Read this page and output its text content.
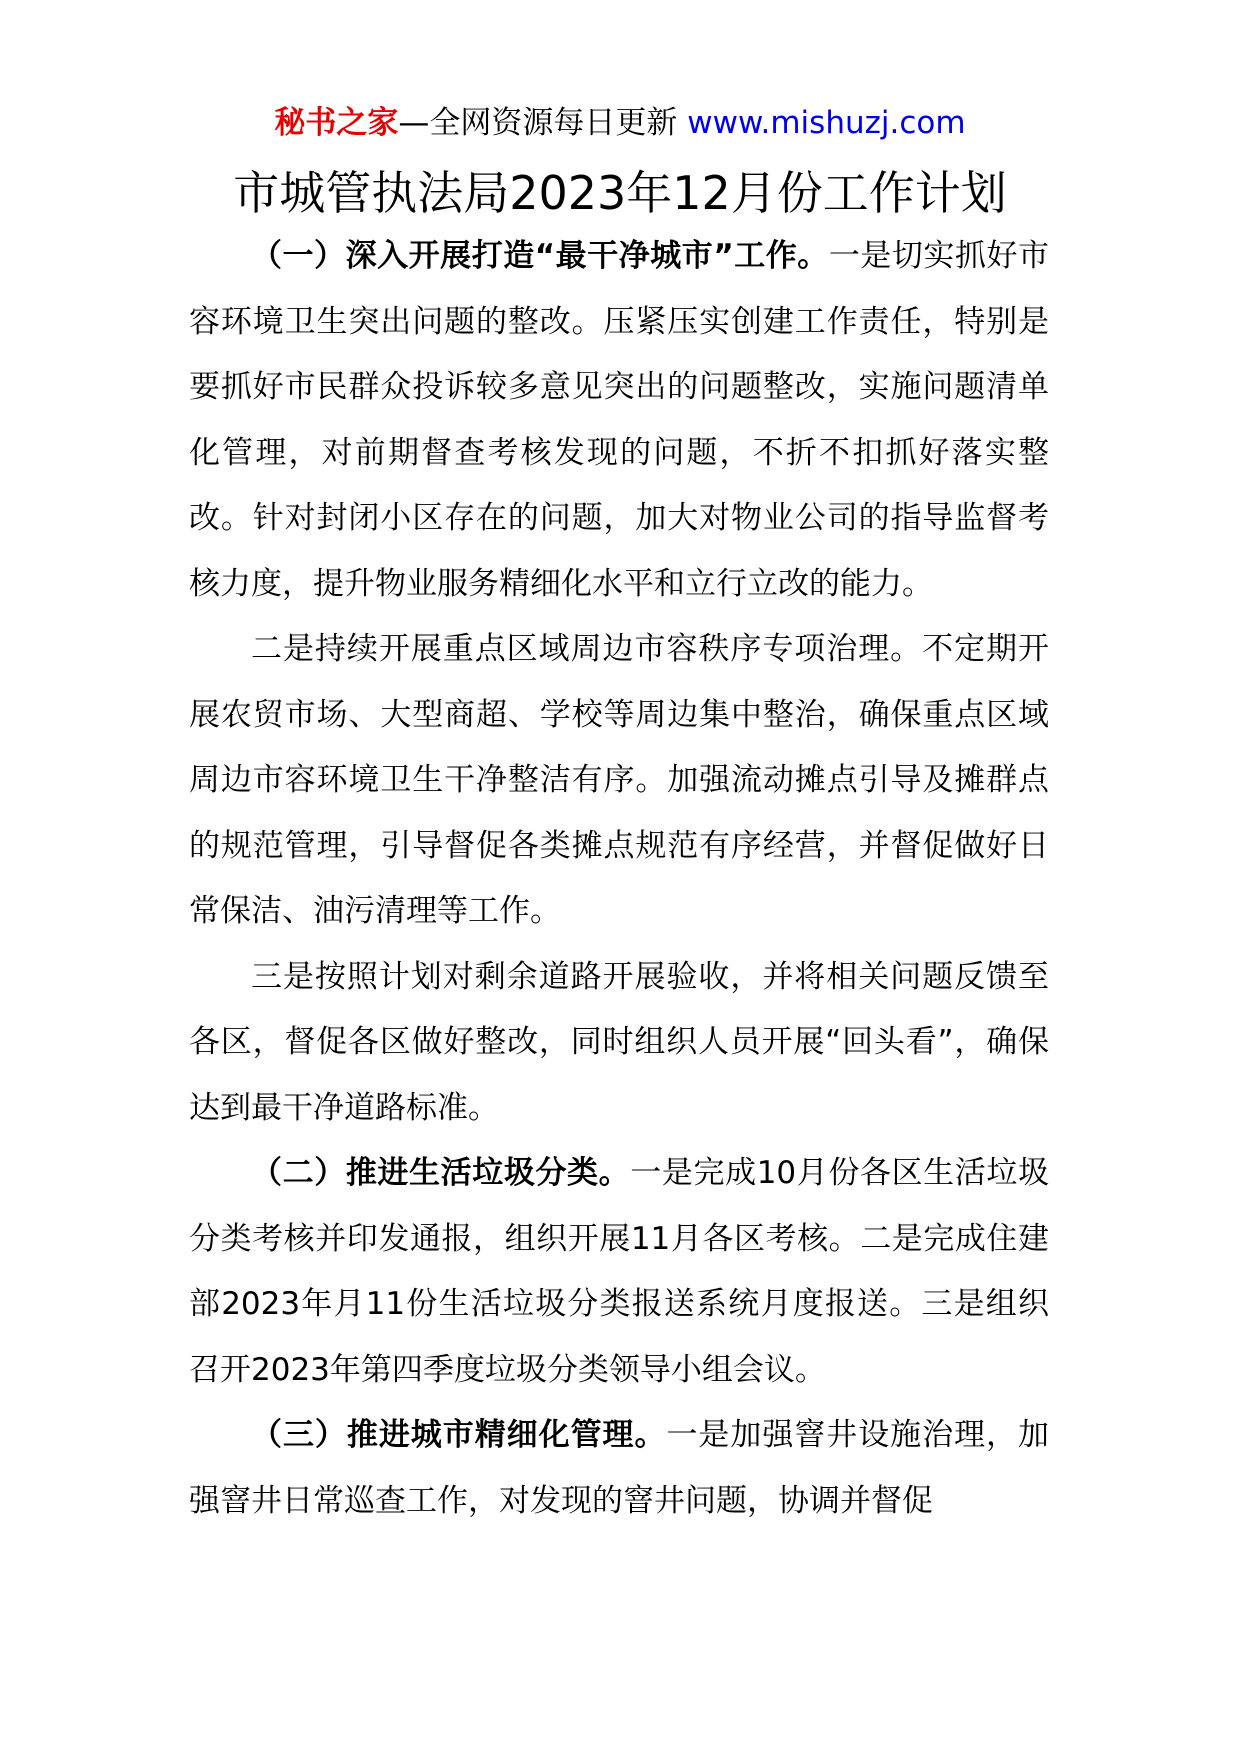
秘书之家—全网资源每日更新 www.mishuzj.com
市城管执法局2023年12月份工作计划

（一）深入开展打造“最干净城市”工作。一是切实抓好市容环境卫生突出问题的整改。压紧压实创建工作责任，特别是要抓好市民群众投诉较多意见突出的问题整改，实施问题清单化管理，对前期督查考核发现的问题，不折不扣抓好落实整改。针对封闭小区存在的问题，加大对物业公司的指导监督考核力度，提升物业服务精细化水平和立行立改的能力。

二是持续开展重点区域周边市容秩序专项治理。不定期开展农贸市场、大型商超、学校等周边集中整治，确保重点区域周边市容环境卫生干净整洁有序。加强流动摊点引导及摊群点的规范管理，引导督促各类摊点规范有序经营，并督促做好日常保洁、油污清理等工作。

三是按照计划对剩余道路开展验收，并将相关问题反馈至各区，督促各区做好整改，同时组织人员开展“回头看”，确保达到最干净道路标准。

（二）推进生活垃圾分类。一是完成10月份各区生活垃圾分类考核并印发通报，组织开展11月各区考核。二是完成住建部2023年月11份生活垃圾分类报送系统月度报送。三是组织召开2023年第四季度垃圾分类领导小组会议。

（三）推进城市精细化管理。一是加强窨井设施治理，加强窨井日常巡查工作，对发现的窨井问题，协调并督促
